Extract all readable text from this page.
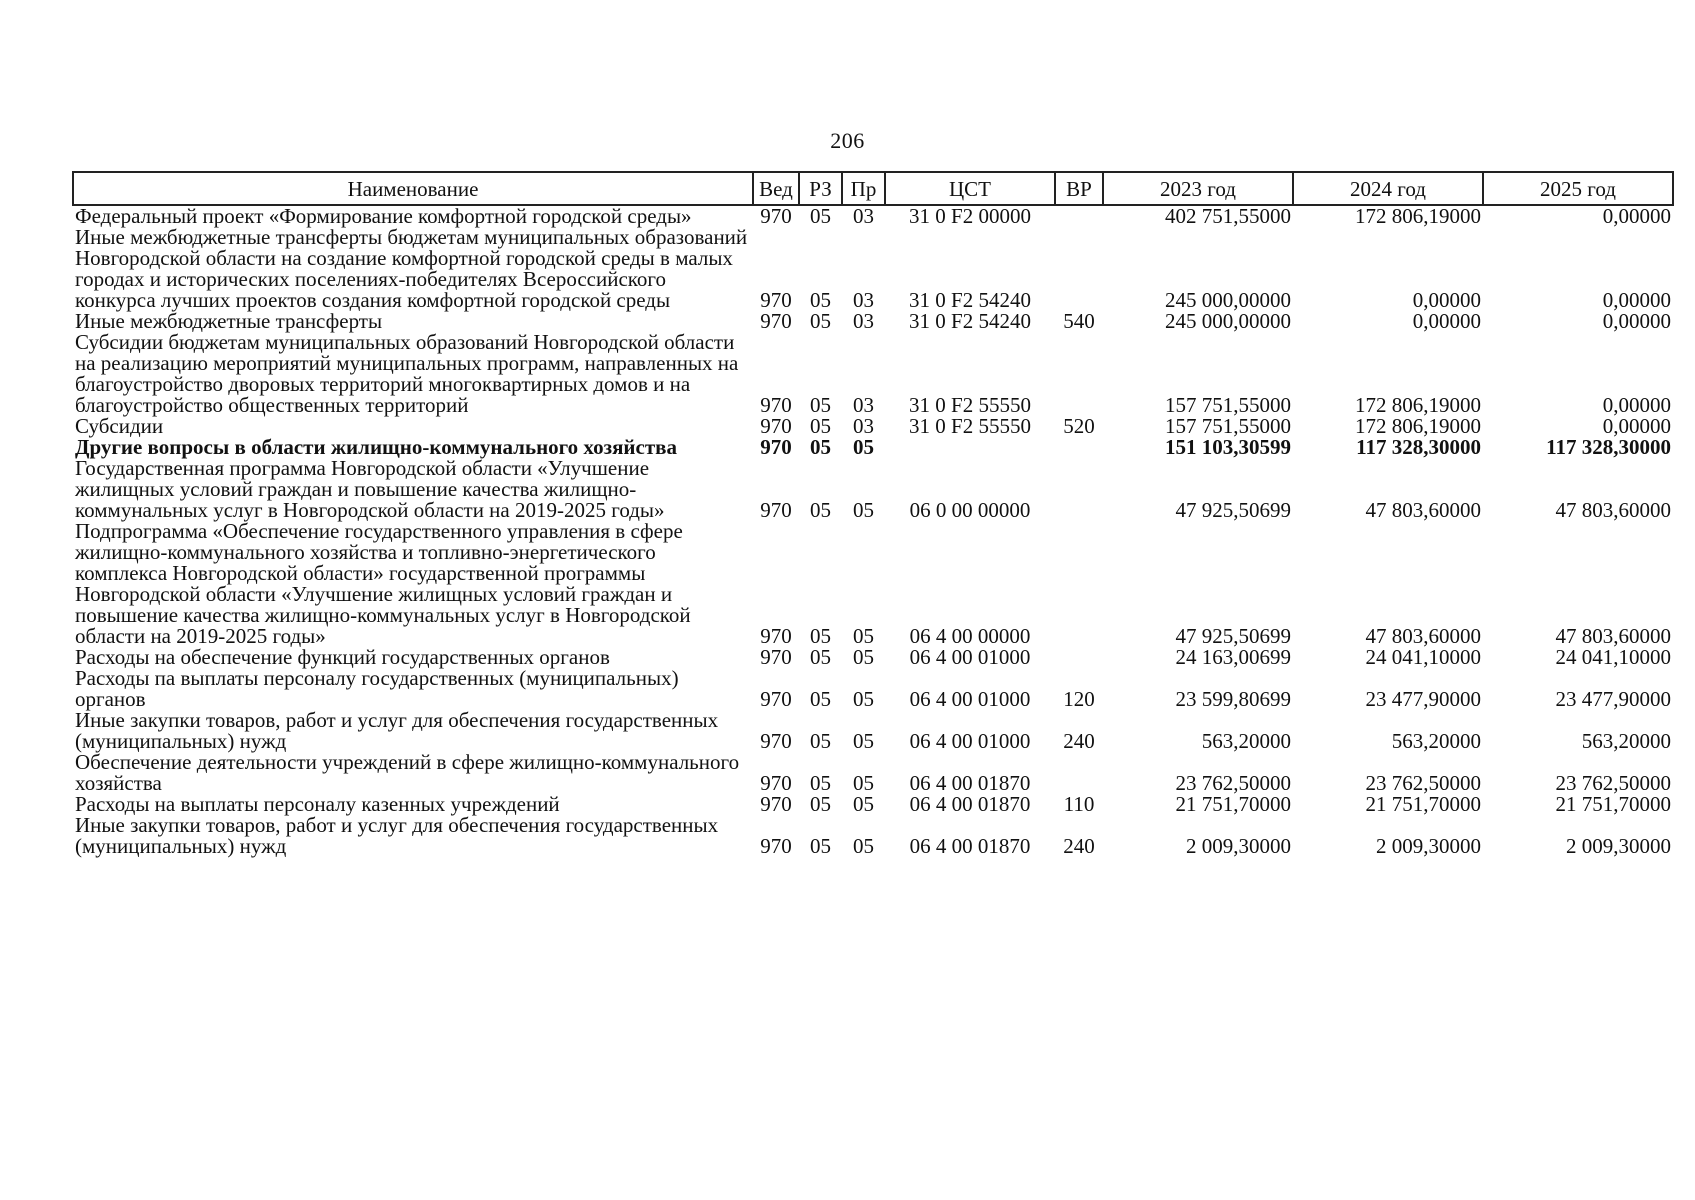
206
Наименование	Вед	РЗ	Пр	ЦСТ	ВР	2023 год	2024 год	2025 год
Федеральный проект «Формирование комфортной городской среды»	970	05	03	31 0 F2 00000		402 751,55000	172 806,19000	0,00000
Иные межбюджетные трансферты бюджетам муниципальных образований Новгородской области на создание комфортной городской среды в малых городах и исторических поселениях-победителях Всероссийского конкурса лучших проектов создания комфортной городской среды	970	05	03	31 0 F2 54240		245 000,00000	0,00000	0,00000
Иные межбюджетные трансферты	970	05	03	31 0 F2 54240	540	245 000,00000	0,00000	0,00000
Субсидии бюджетам муниципальных образований Новгородской области на реализацию мероприятий муниципальных программ, направленных на благоустройство дворовых территорий многоквартирных домов и на благоустройство общественных территорий	970	05	03	31 0 F2 55550		157 751,55000	172 806,19000	0,00000
Субсидии	970	05	03	31 0 F2 55550	520	157 751,55000	172 806,19000	0,00000
Другие вопросы в области жилищно-коммунального хозяйства	970	05	05			151 103,30599	117 328,30000	117 328,30000
Государственная программа Новгородской области «Улучшение жилищных условий граждан и повышение качества жилищно-коммунальных услуг в Новгородской области на 2019-2025 годы»	970	05	05	06 0 00 00000		47 925,50699	47 803,60000	47 803,60000
Подпрограмма «Обеспечение государственного управления в сфере жилищно-коммунального хозяйства и топливно-энергетического комплекса Новгородской области» государственной программы Новгородской области «Улучшение жилищных условий граждан и повышение качества жилищно-коммунальных услуг в Новгородской области на 2019-2025 годы»	970	05	05	06 4 00 00000		47 925,50699	47 803,60000	47 803,60000
Расходы на обеспечение функций государственных органов	970	05	05	06 4 00 01000		24 163,00699	24 041,10000	24 041,10000
Расходы па выплаты персоналу государственных (муниципальных) органов	970	05	05	06 4 00 01000	120	23 599,80699	23 477,90000	23 477,90000
Иные закупки товаров, работ и услуг для обеспечения государственных (муниципальных) нужд	970	05	05	06 4 00 01000	240	563,20000	563,20000	563,20000
Обеспечение деятельности учреждений в сфере жилищно-коммунального хозяйства	970	05	05	06 4 00 01870		23 762,50000	23 762,50000	23 762,50000
Расходы на выплаты персоналу казенных учреждений	970	05	05	06 4 00 01870	110	21 751,70000	21 751,70000	21 751,70000
Иные закупки товаров, работ и услуг для обеспечения государственных (муниципальных) нужд	970	05	05	06 4 00 01870	240	2 009,30000	2 009,30000	2 009,30000
